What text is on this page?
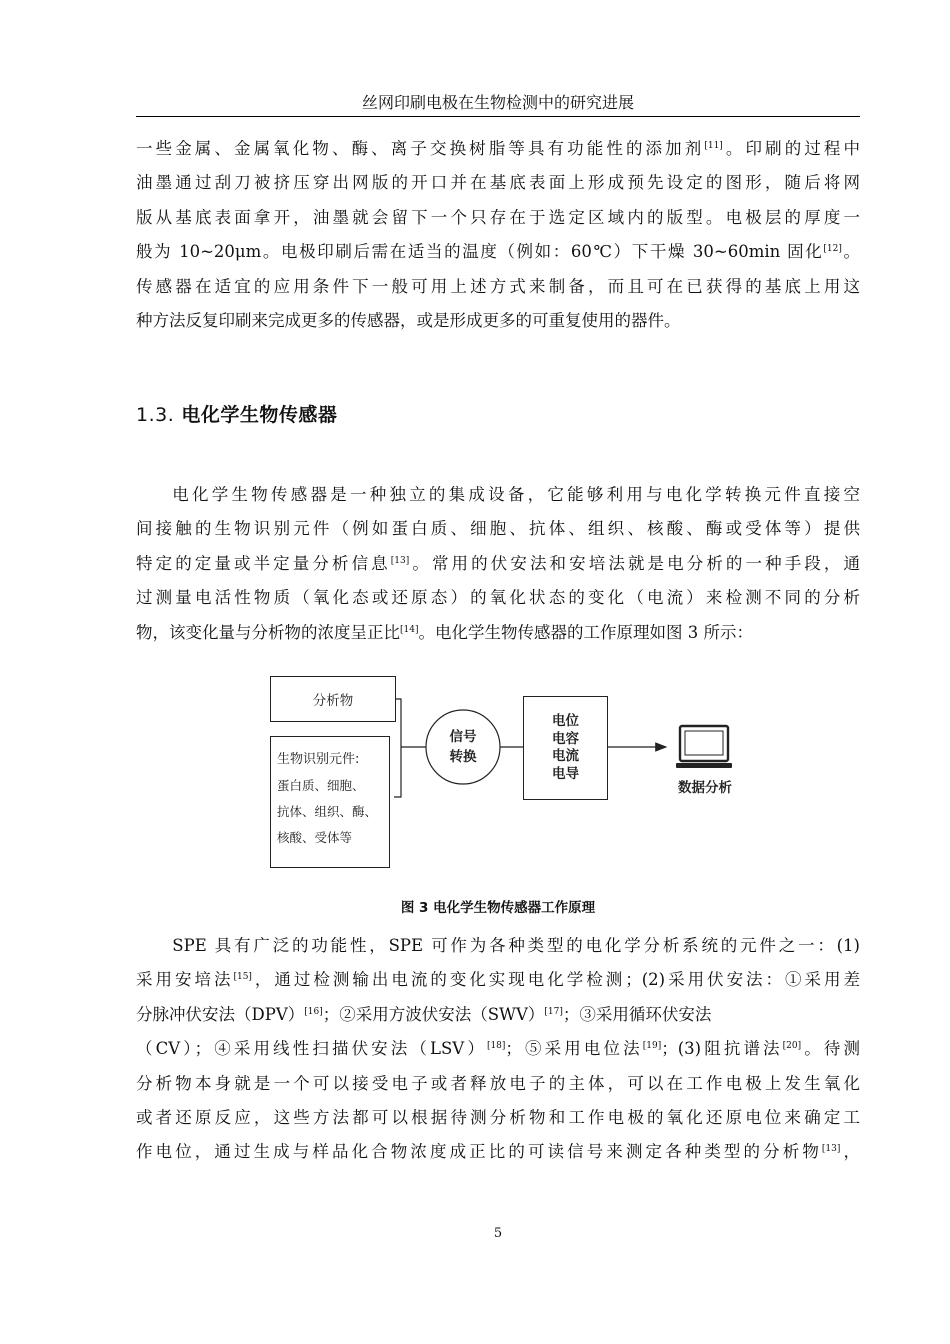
丝网印刷电极在生物检测中的研究进展
一些金属、金属氧化物、酶、离子交换树脂等具有功能性的添加剂[11]。印刷的过程中
油墨通过刮刀被挤压穿出网版的开口并在基底表面上形成预先设定的图形，随后将网
版从基底表面拿开，油墨就会留下一个只存在于选定区域内的版型。电极层的厚度一
般为 10~20μm。电极印刷后需在适当的温度（例如：60℃）下干燥 30~60min 固化[12]。
传感器在适宜的应用条件下一般可用上述方式来制备，而且可在已获得的基底上用这
种方法反复印刷来完成更多的传感器，或是形成更多的可重复使用的器件。
1.3. 电化学生物传感器
电化学生物传感器是一种独立的集成设备，它能够利用与电化学转换元件直接空
间接触的生物识别元件（例如蛋白质、细胞、抗体、组织、核酸、酶或受体等）提供
特定的定量或半定量分析信息[13]。常用的伏安法和安培法就是电分析的一种手段，通
过测量电活性物质（氧化态或还原态）的氧化状态的变化（电流）来检测不同的分析
物，该变化量与分析物的浓度呈正比[14]。电化学生物传感器的工作原理如图 3 所示：
分析物
生物识别元件:
蛋白质、细胞、
抗体、组织、酶、
核酸、受体等
信号
转换
电位
电容
电流
电导
数据分析
图 3 电化学生物传感器工作原理
SPE 具有广泛的功能性，SPE 可作为各种类型的电化学分析系统的元件之一：(1)
采用安培法[15]，通过检测输出电流的变化实现电化学检测；(2)采用伏安法：①采用差
分脉冲伏安法（DPV）[16]；②采用方波伏安法（SWV）[17]；③采用循环伏安法
（CV）；④采用线性扫描伏安法（LSV）[18]；⑤采用电位法[19]；(3)阻抗谱法[20]。待测
分析物本身就是一个可以接受电子或者释放电子的主体，可以在工作电极上发生氧化
或者还原反应，这些方法都可以根据待测分析物和工作电极的氧化还原电位来确定工
作电位，通过生成与样品化合物浓度成正比的可读信号来测定各种类型的分析物[13]，
5
